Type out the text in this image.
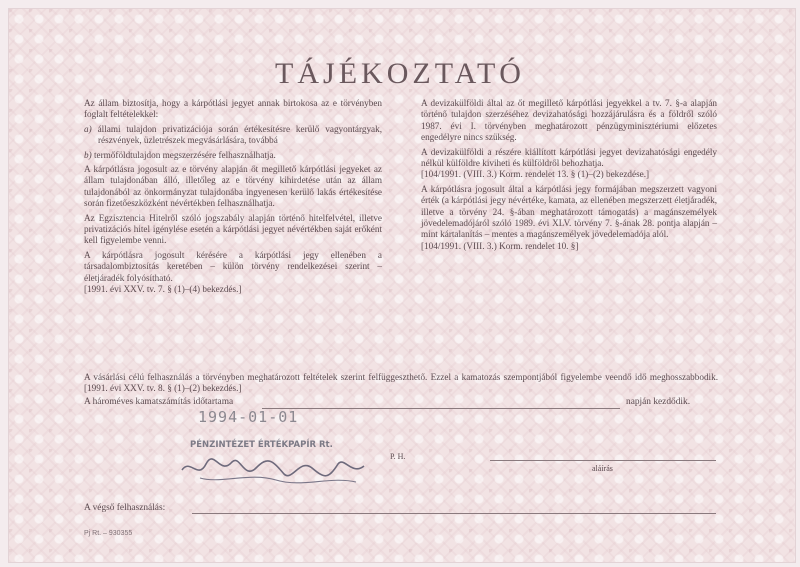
TÁJÉKOZTATÓ

Az állam biztosítja, hogy a kárpótlási jegyet annak birtokosa az e törvényben foglalt feltételekkel:

a) állami tulajdon privatizációja során értékesítésre kerülő vagyontárgyak, részvények, üzletrészek megvásárlására, továbbá

b) termőföldtulajdon megszerzésére felhasználhatja.

A kárpótlásra jogosult az e törvény alapján őt megillető kárpótlási jegyeket az állam tulajdonában álló, illetőleg az e törvény kihirdetése után az állam tulajdonából az önkormányzat tulajdonába ingyenesen kerülő lakás értékesítése során fizetőeszközként névértékben felhasználhatja.

Az Egzisztencia Hitelről szóló jogszabály alapján történő hitelfelvétel, illetve privatizációs hitel igénylése esetén a kárpótlási jegyet névértékben saját erőként kell figyelembe venni.

A kárpótlásra jogosult kérésére a kárpótlási jegy ellenében a társadalombiztosítás keretében – külön törvény rendelkezései szerint – életjáradék folyósítható.

[1991. évi XXV. tv. 7. § (1)–(4) bekezdés.]

A devizakülföldi által az őt megillető kárpótlási jegyekkel a tv. 7. §-a alapján történő tulajdon szerzéséhez devizahatósági hozzájárulásra és a földről szóló 1987. évi I. törvényben meghatározott pénzügyminisztériumi előzetes engedélyre nincs szükség.

A devizakülföldi a részére kiállított kárpótlási jegyet devizahatósági engedély nélkül külföldre kiviheti és külföldről behozhatja.

[104/1991. (VIII. 3.) Korm. rendelet 13. § (1)–(2) bekezdése.]

A kárpótlásra jogosult által a kárpótlási jegy formájában megszerzett vagyoni érték (a kárpótlási jegy névértéke, kamata, az ellenében megszerzett életjáradék, illetve a törvény 24. §-ában meghatározott támogatás) a magánszemélyek jövedelemadójáról szóló 1989. évi XLV. törvény 7. §-ának 28. pontja alapján – mint kártalanítás – mentes a magánszemélyek jövedelemadója alól.

[104/1991. (VIII. 3.) Korm. rendelet 10. §]

A vásárlási célú felhasználás a törvényben meghatározott feltételek szerint felfüggeszthető. Ezzel a kamatozás szempontjából figyelembe veendő idő meghosszabbodik. [1991. évi XXV. tv. 8. § (1)–(2) bekezdés.]
A hároméves kamatszámítás időtartama	napján kezdődik.
1994-01-01
PÉNZINTÉZET ÉRTÉKPAPÍR Rt.
P. H.
aláírás
A végső felhasználás:
Pj Rt. – 930355
